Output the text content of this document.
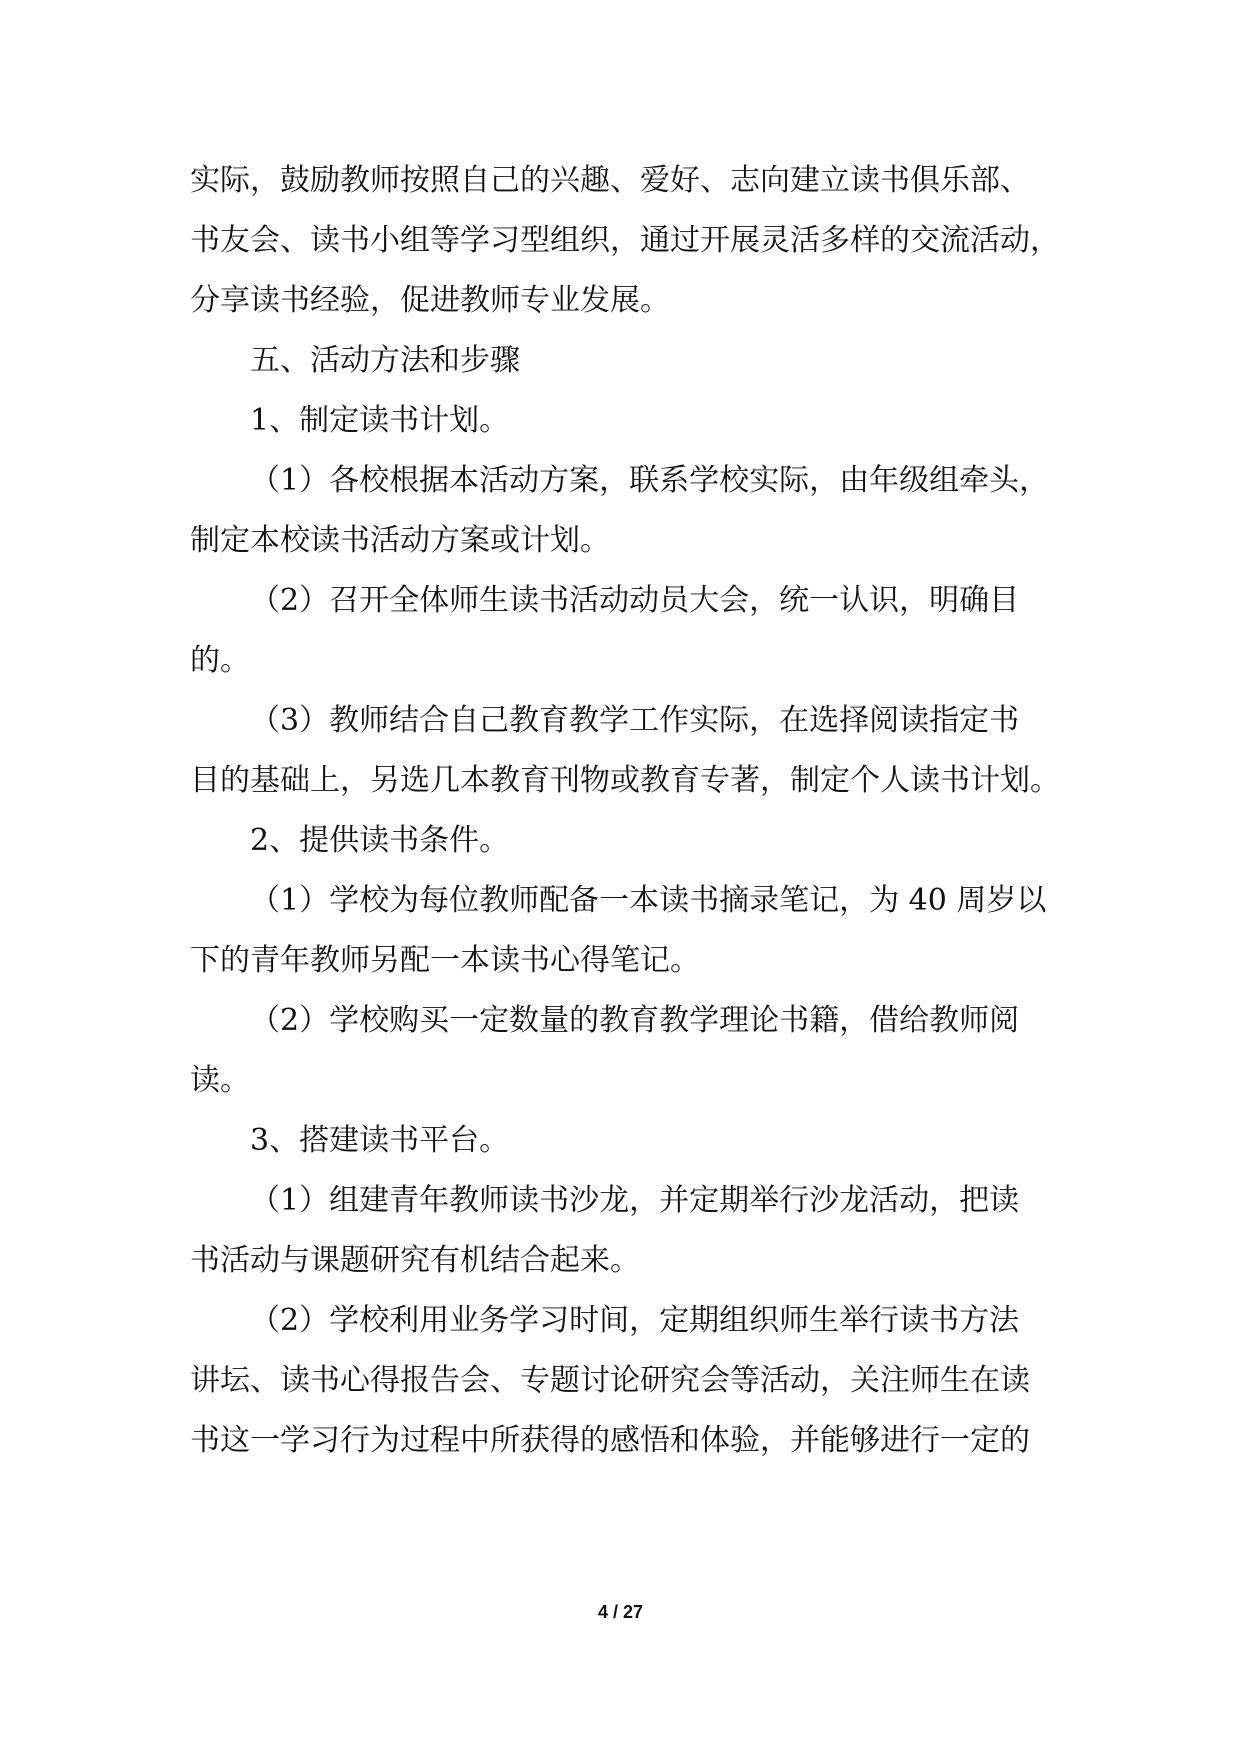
实际，鼓励教师按照自己的兴趣、爱好、志向建立读书俱乐部、
书友会、读书小组等学习型组织，通过开展灵活多样的交流活动，
分享读书经验，促进教师专业发展。
五、活动方法和步骤
1、制定读书计划。
（1）各校根据本活动方案，联系学校实际，由年级组牵头，
制定本校读书活动方案或计划。
（2）召开全体师生读书活动动员大会，统一认识，明确目
的。
（3）教师结合自己教育教学工作实际，在选择阅读指定书
目的基础上，另选几本教育刊物或教育专著，制定个人读书计划。
2、提供读书条件。
（1）学校为每位教师配备一本读书摘录笔记，为 40 周岁以
下的青年教师另配一本读书心得笔记。
（2）学校购买一定数量的教育教学理论书籍，借给教师阅
读。
3、搭建读书平台。
（1）组建青年教师读书沙龙，并定期举行沙龙活动，把读
书活动与课题研究有机结合起来。
（2）学校利用业务学习时间，定期组织师生举行读书方法
讲坛、读书心得报告会、专题讨论研究会等活动，关注师生在读
书这一学习行为过程中所获得的感悟和体验，并能够进行一定的
4 / 27
